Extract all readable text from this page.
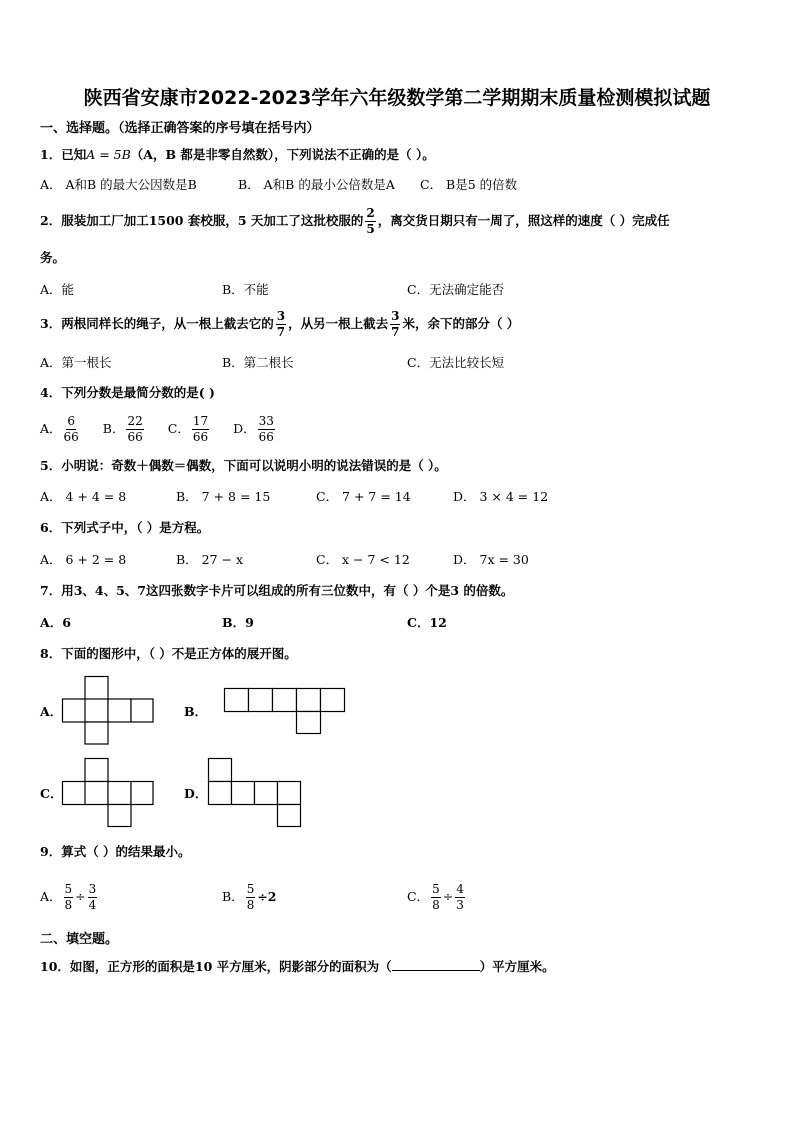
陕西省安康市2022-2023学年六年级数学第二学期期末质量检测模拟试题
一、选择题。（选择正确答案的序号填在括号内）
1．已知A = 5B（A，B 都是非零自然数），下列说法不正确的是（ ）。
A． A和B 的最大公因数是B	B． A和B 的最小公倍数是A C． B是5 的倍数
2．服装加工厂加工1500 套校服，5 天加工了这批校服的 $\frac{2}{5}$ ，离交货日期只有一周了，照这样的速度（ ）完成任
务。
A．能	B．不能	C．无法确定能否
3．两根同样长的绳子，从一根上截去它的 $\frac{3}{7}$ ，从另一根上截去 $\frac{3}{7}$ 米，余下的部分（ ）
A．第一根长	B．第二根长	C．无法比较长短
4．下列分数是最简分数的是( )
A． $\frac{6}{66}$ B． $\frac{22}{66}$ C． $\frac{17}{66}$ D． $\frac{33}{66}$
5．小明说：奇数＋偶数＝偶数，下面可以说明小明的说法错误的是（ ）。
A． 4 + 4 = 8	B． 7 + 8 = 15	C． 7 + 7 = 14	D． 3 × 4 = 12
6．下列式子中，（ ）是方程。
A． 6 + 2 = 8	B． 27 − x	C． x − 7 < 12	D． 7x = 30
7．用3、4、5、7这四张数字卡片可以组成的所有三位数中，有（ ）个是3 的倍数。
A．6	B．9	C．12
8．下面的图形中，（ ）不是正方体的展开图。
A．	B．
C．	D．
9．算式（ ）的结果最小。
A． $\frac{5}{8} \div \frac{3}{4}$	B． $\frac{5}{8} \div 2$	C． $\frac{5}{8} \div \frac{4}{3}$
二、填空题。
10．如图，正方形的面积是10 平方厘米，阴影部分的面积为（	）平方厘米。
